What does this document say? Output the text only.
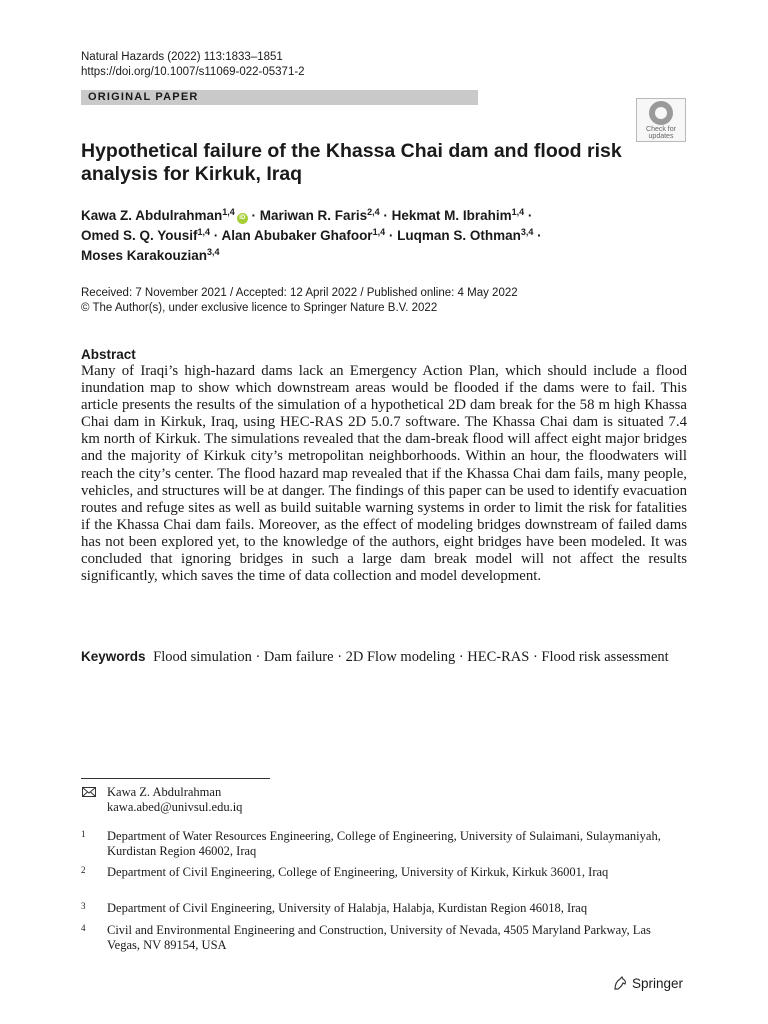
Natural Hazards (2022) 113:1833–1851
https://doi.org/10.1007/s11069-022-05371-2
ORIGINAL PAPER
Check for
updates
Hypothetical failure of the Khassa Chai dam and flood risk
analysis for Kirkuk, Iraq

Kawa Z. Abdulrahman$^{1,4}$iD · Mariwan R. Faris$^{2,4}$ · Hekmat M. Ibrahim$^{1,4}$ ·
Omed S. Q. Yousif$^{1,4}$ · Alan Abubaker Ghafoor$^{1,4}$ · Luqman S. Othman$^{3,4}$ ·
Moses Karakouzian$^{3,4}$

Received: 7 November 2021 / Accepted: 12 April 2022 / Published online: 4 May 2022
© The Author(s), under exclusive licence to Springer Nature B.V. 2022
Abstract

Many of Iraqi’s high-hazard dams lack an Emergency Action Plan, which should include a flood inundation map to show which downstream areas would be flooded if the dams were to fail. This article presents the results of the simulation of a hypothetical 2D dam break for the 58 m high Khassa Chai dam in Kirkuk, Iraq, using HEC-RAS 2D 5.0.7 software. The Khassa Chai dam is situated 7.4 km north of Kirkuk. The simulations revealed that the dam-break flood will affect eight major bridges and the majority of Kirkuk city’s metropolitan neighborhoods. Within an hour, the floodwaters will reach the city’s center. The flood hazard map revealed that if the Khassa Chai dam fails, many people, vehicles, and structures will be at danger. The findings of this paper can be used to identify evacuation routes and refuge sites as well as build suitable warning systems in order to limit the risk for fatalities if the Khassa Chai dam fails. Moreover, as the effect of modeling bridges downstream of failed dams has not been explored yet, to the knowledge of the authors, eight bridges have been modeled. It was concluded that ignoring bridges in such a large dam break model will not affect the results significantly, which saves the time of data collection and model development.

Keywords Flood simulation · Dam failure · 2D Flow modeling · HEC-RAS · Flood risk assessment
Kawa Z. Abdulrahman
kawa.abed@univsul.edu.iq
1 Department of Water Resources Engineering, College of Engineering, University of Sulaimani, Sulaymaniyah, Kurdistan Region 46002, Iraq
2 Department of Civil Engineering, College of Engineering, University of Kirkuk, Kirkuk 36001, Iraq
3 Department of Civil Engineering, University of Halabja, Halabja, Kurdistan Region 46018, Iraq
4 Civil and Environmental Engineering and Construction, University of Nevada, 4505 Maryland Parkway, Las Vegas, NV 89154, USA
Springer
